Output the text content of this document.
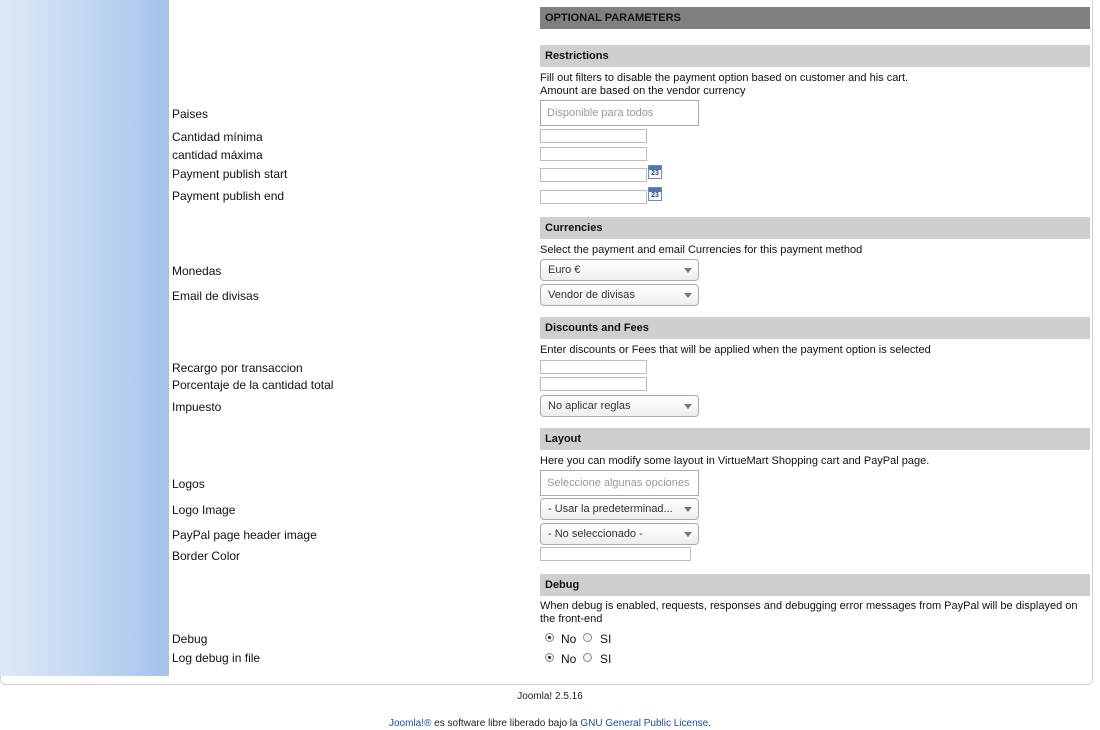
OPTIONAL PARAMETERS
Restrictions
Fill out filters to disable the payment option based on customer and his cart.
Amount are based on the vendor currency
Paises	Disponible para todos
Cantidad mínima
cantidad máxima
Payment publish start	23
Payment publish end	23
Currencies
Select the payment and email Currencies for this payment method
Monedas	Euro €
Email de divisas	Vendor de divisas
Discounts and Fees
Enter discounts or Fees that will be applied when the payment option is selected
Recargo por transaccion
Porcentaje de la cantidad total
Impuesto	No aplicar reglas
Layout
Here you can modify some layout in VirtueMart Shopping cart and PayPal page.
Logos	Seleccione algunas opciones
Logo Image	- Usar la predeterminad...
PayPal page header image	- No seleccionado -
Border Color
Debug
When debug is enabled, requests, responses and debugging error messages from PayPal will be displayed on the front-end
Debug	No SI
Log debug in file	No SI
Joomla! 2.5.16
Joomla!® es software libre liberado bajo la GNU General Public License.
